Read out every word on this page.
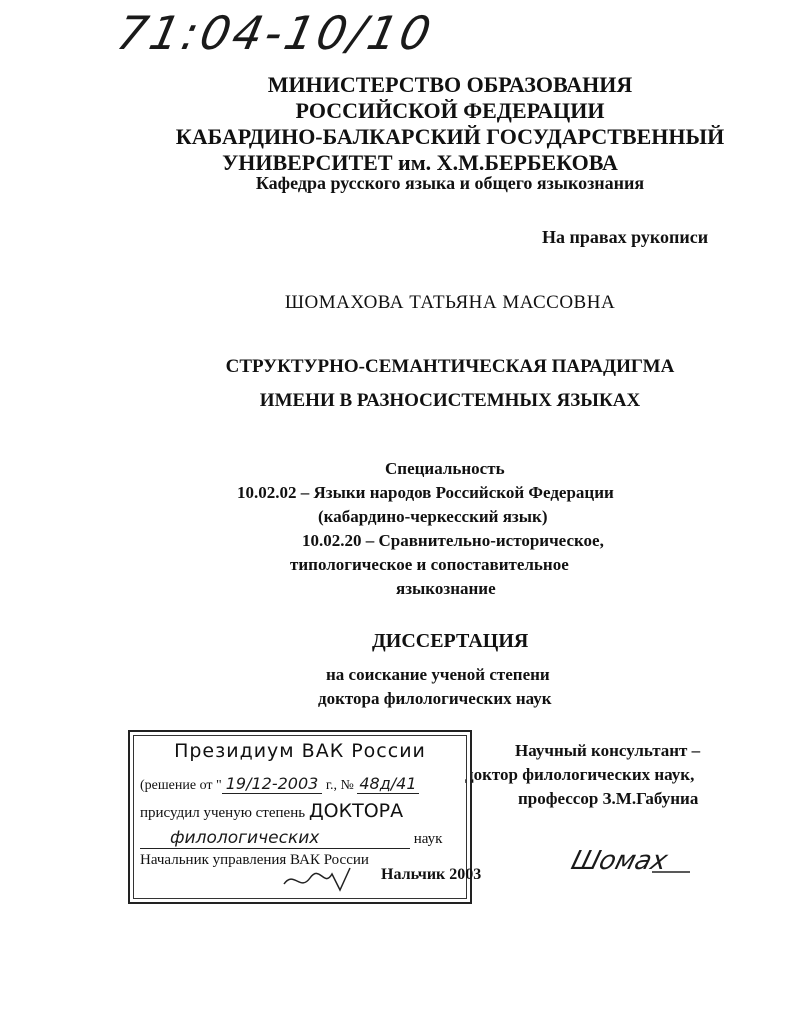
71:04-10/10
МИНИСТЕРСТВО ОБРАЗОВАНИЯ
РОССИЙСКОЙ ФЕДЕРАЦИИ
КАБАРДИНО-БАЛКАРСКИЙ ГОСУДАРСТВЕННЫЙ
УНИВЕРСИТЕТ им. Х.М.БЕРБЕКОВА
Кафедра русского языка и общего языкознания
На правах рукописи
ШОМАХОВА ТАТЬЯНА МАССОВНА
СТРУКТУРНО-СЕМАНТИЧЕСКАЯ ПАРАДИГМА
ИМЕНИ В РАЗНОСИСТЕМНЫХ ЯЗЫКАХ
Специальность
10.02.02 – Языки народов Российской Федерации
(кабардино-черкесский язык)
10.02.20 – Сравнительно-историческое,
типологическое и сопоставительное
языкознание
ДИССЕРТАЦИЯ
на соискание ученой степени
доктора филологических наук
Научный консультант –
доктор филологических наук,
профессор З.М.Габуниа
Президиум ВАК России
(решение от " 19/12-2003 г., № 48д/41
присудил ученую степень ДОКТОРА
филологических	наук
Начальник управления ВАК России
Нальчик 2003	Шомах
